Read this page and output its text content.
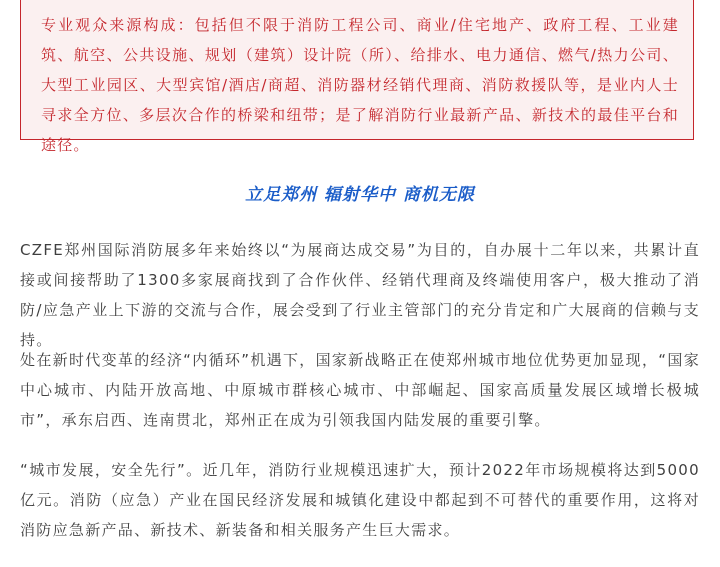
专业观众来源构成：包括但不限于消防工程公司、商业/住宅地产、政府工程、工业建筑、航空、公共设施、规划（建筑）设计院（所）、给排水、电力通信、燃气/热力公司、大型工业园区、大型宾馆/酒店/商超、消防器材经销代理商、消防救援队等，是业内人士寻求全方位、多层次合作的桥梁和纽带；是了解消防行业最新产品、新技术的最佳平台和途径。

立足郑州 辐射华中 商机无限

CZFE郑州国际消防展多年来始终以“为展商达成交易”为目的，自办展十二年以来，共累计直接或间接帮助了1300多家展商找到了合作伙伴、经销代理商及终端使用客户，极大推动了消防/应急产业上下游的交流与合作，展会受到了行业主管部门的充分肯定和广大展商的信赖与支持。

处在新时代变革的经济“内循环”机遇下，国家新战略正在使郑州城市地位优势更加显现，“国家中心城市、内陆开放高地、中原城市群核心城市、中部崛起、国家高质量发展区域增长极城市”，承东启西、连南贯北，郑州正在成为引领我国内陆发展的重要引擎。

“城市发展，安全先行”。近几年，消防行业规模迅速扩大，预计2022年市场规模将达到5000亿元。消防（应急）产业在国民经济发展和城镇化建设中都起到不可替代的重要作用，这将对消防应急新产品、新技术、新装备和相关服务产生巨大需求。
